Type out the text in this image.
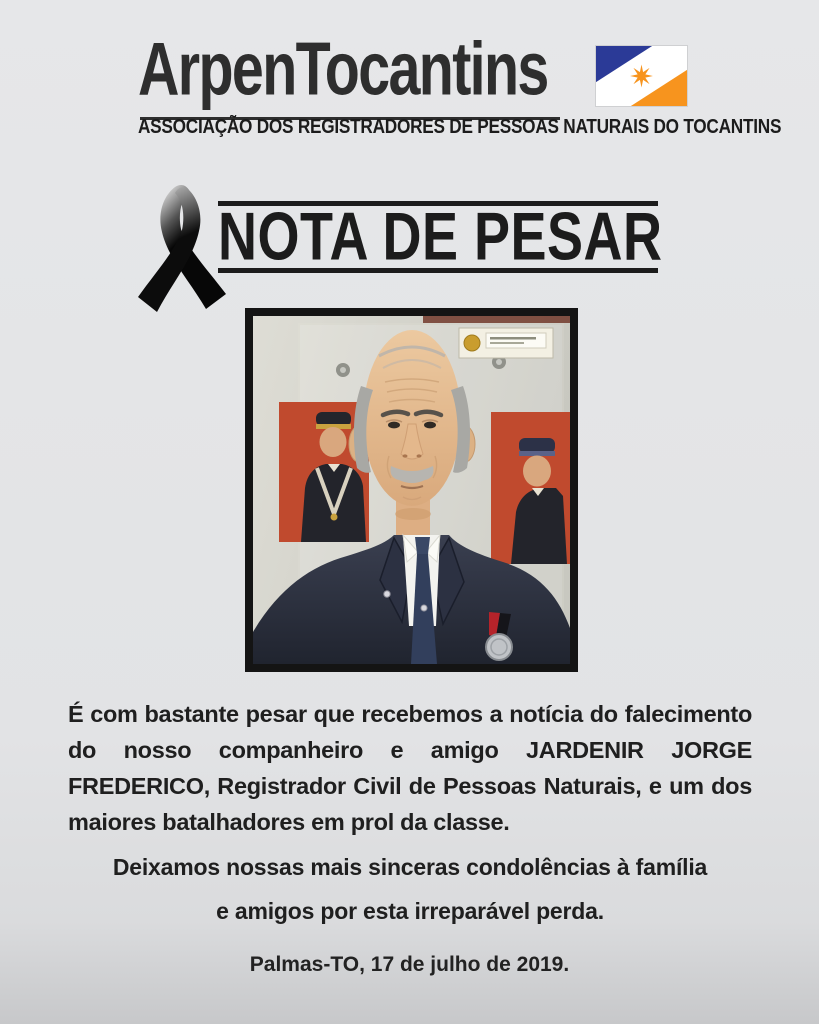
ArpenTocantins
ASSOCIAÇÃO DOS REGISTRADORES DE PESSOAS NATURAIS DO TOCANTINS
NOTA DE PESAR

É com bastante pesar que recebemos a notícia do falecimento do nosso companheiro e amigo JARDENIR JORGE FREDERICO, Registrador Civil de Pessoas Naturais, e um dos maiores batalhadores em prol da classe.

Deixamos nossas mais sinceras condolências à família e amigos por esta irreparável perda.

Palmas-TO, 17 de julho de 2019.
